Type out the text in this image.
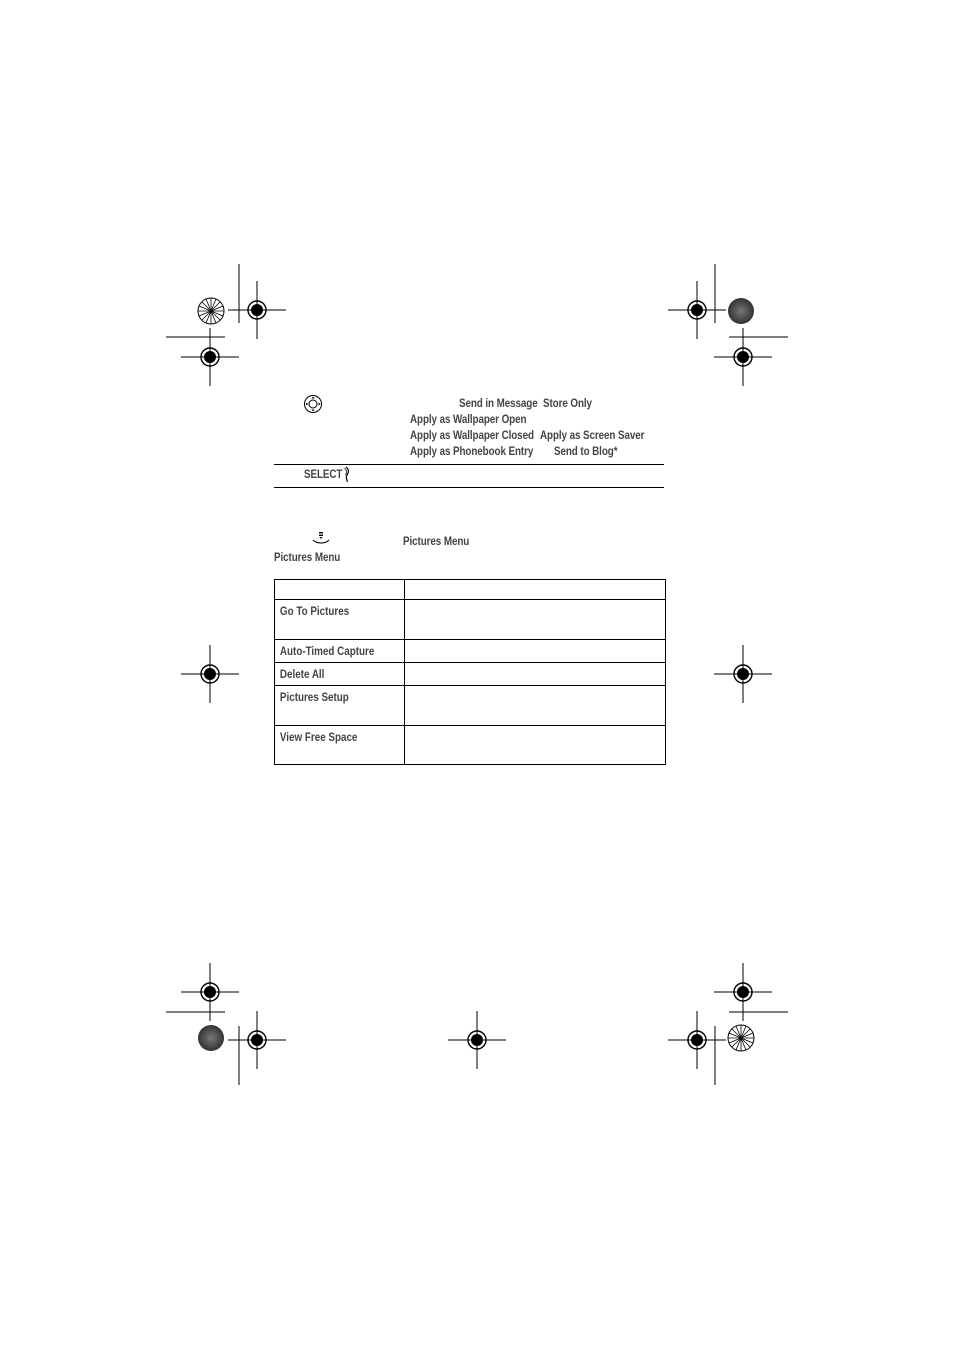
Send in Message Store Only
Apply as Wallpaper Open
Apply as Wallpaper Closed Apply as Screen Saver
Apply as Phonebook Entry Send to Blog*
SELECT
Pictures Menu
Pictures Menu

Go To Pictures	

Auto-Timed Capture	

Delete All	

Pictures Setup	

View Free Space	
